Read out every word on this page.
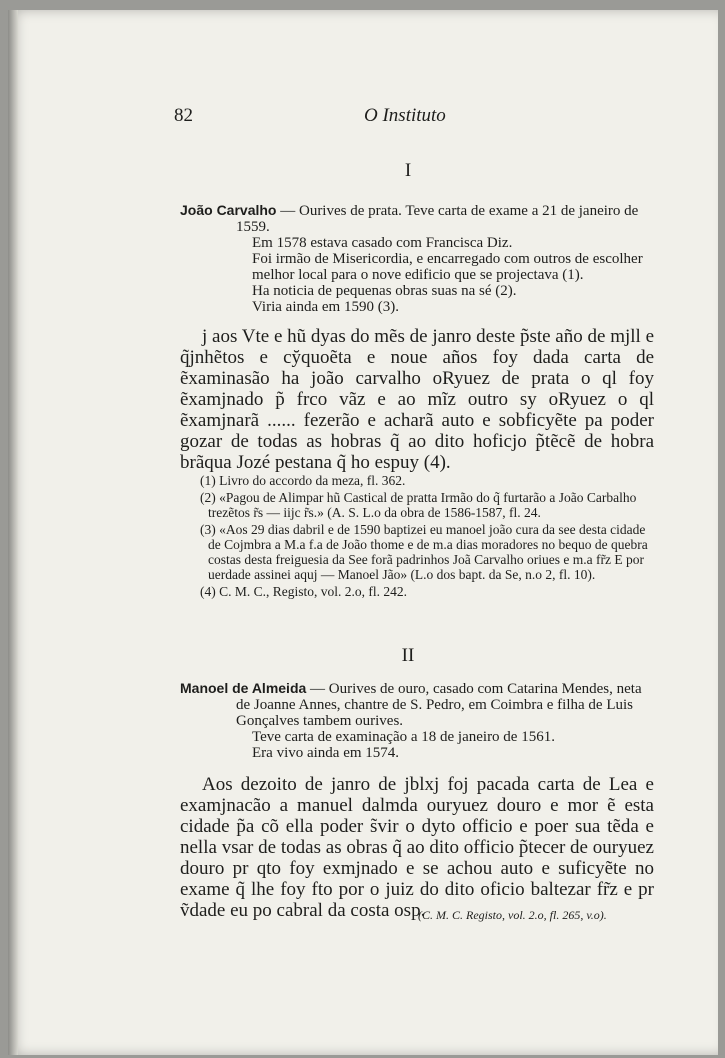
82	O Instituto
I

João Carvalho — Ourives de prata. Teve carta de exame a 21 de janeiro de 1559.

Em 1578 estava casado com Francisca Diz.

Foi irmão de Misericordia, e encarregado com outros de escolher melhor local para o nove edificio que se projectava (1).

Ha noticia de pequenas obras suas na sé (2).

Viria ainda em 1590 (3).

j aos Vte e hũ dyas do mẽs de janro deste p̃ste año de mjll e q̃jnhẽtos e cy̆quoẽta e noue años foy dada carta de ẽxaminasão ha joão carvalho oRyuez de prata o ql foy ẽxamjnado p̃ frco vãz e ao mĩz outro sy oRyuez o ql ẽxamjnarã ...... fezerão e acharã auto e sobficyẽte pa poder gozar de todas as hobras q̃ ao dito hoficjo p̃tẽcẽ de hobra brãqua Jozé pestana q̃ ho espuy (4).

(1) Livro do accordo da meza, fl. 362.

(2) «Pagou de Alimpar hũ Castical de pratta Irmão do q̃ furtarão a João Carbalho trezẽtos r̃s — iijc r̃s.» (A. S. L.o da obra de 1586-1587, fl. 24.

(3) «Aos 29 dias dabril e de 1590 baptizei eu manoel joão cura da see desta cidade de Cojmbra a M.a f.a de João thome e de m.a dias moradores no bequo de quebra costas desta freiguesia da See forã padrinhos Joã Carvalho oriues e m.a fr̃z E por uerdade assinei aquj — Manoel Jão» (L.o dos bapt. da Se, n.o 2, fl. 10).

(4) C. M. C., Registo, vol. 2.o, fl. 242.

II

Manoel de Almeida — Ourives de ouro, casado com Catarina Mendes, neta de Joanne Annes, chantre de S. Pedro, em Coimbra e filha de Luis Gonçalves tambem ourives.

Teve carta de examinação a 18 de janeiro de 1561.

Era vivo ainda em 1574.

Aos dezoito de janro de jblxj foj pacada carta de Lea e examjnacão a manuel dalmda ouryuez douro e mor ẽ esta cidade p̃a cõ ella poder s̃vir o dyto officio e poer sua tẽda e nella vsar de todas as obras q̃ ao dito officio p̃tecer de ouryuez douro pr qto foy exmjnado e se achou auto e suficyẽte no exame q̃ lhe foy fto por o juiz do dito oficio baltezar fr̃z e pr ṽdade eu po cabral da costa osp.

(C. M. C. Registo, vol. 2.o, fl. 265, v.o).
